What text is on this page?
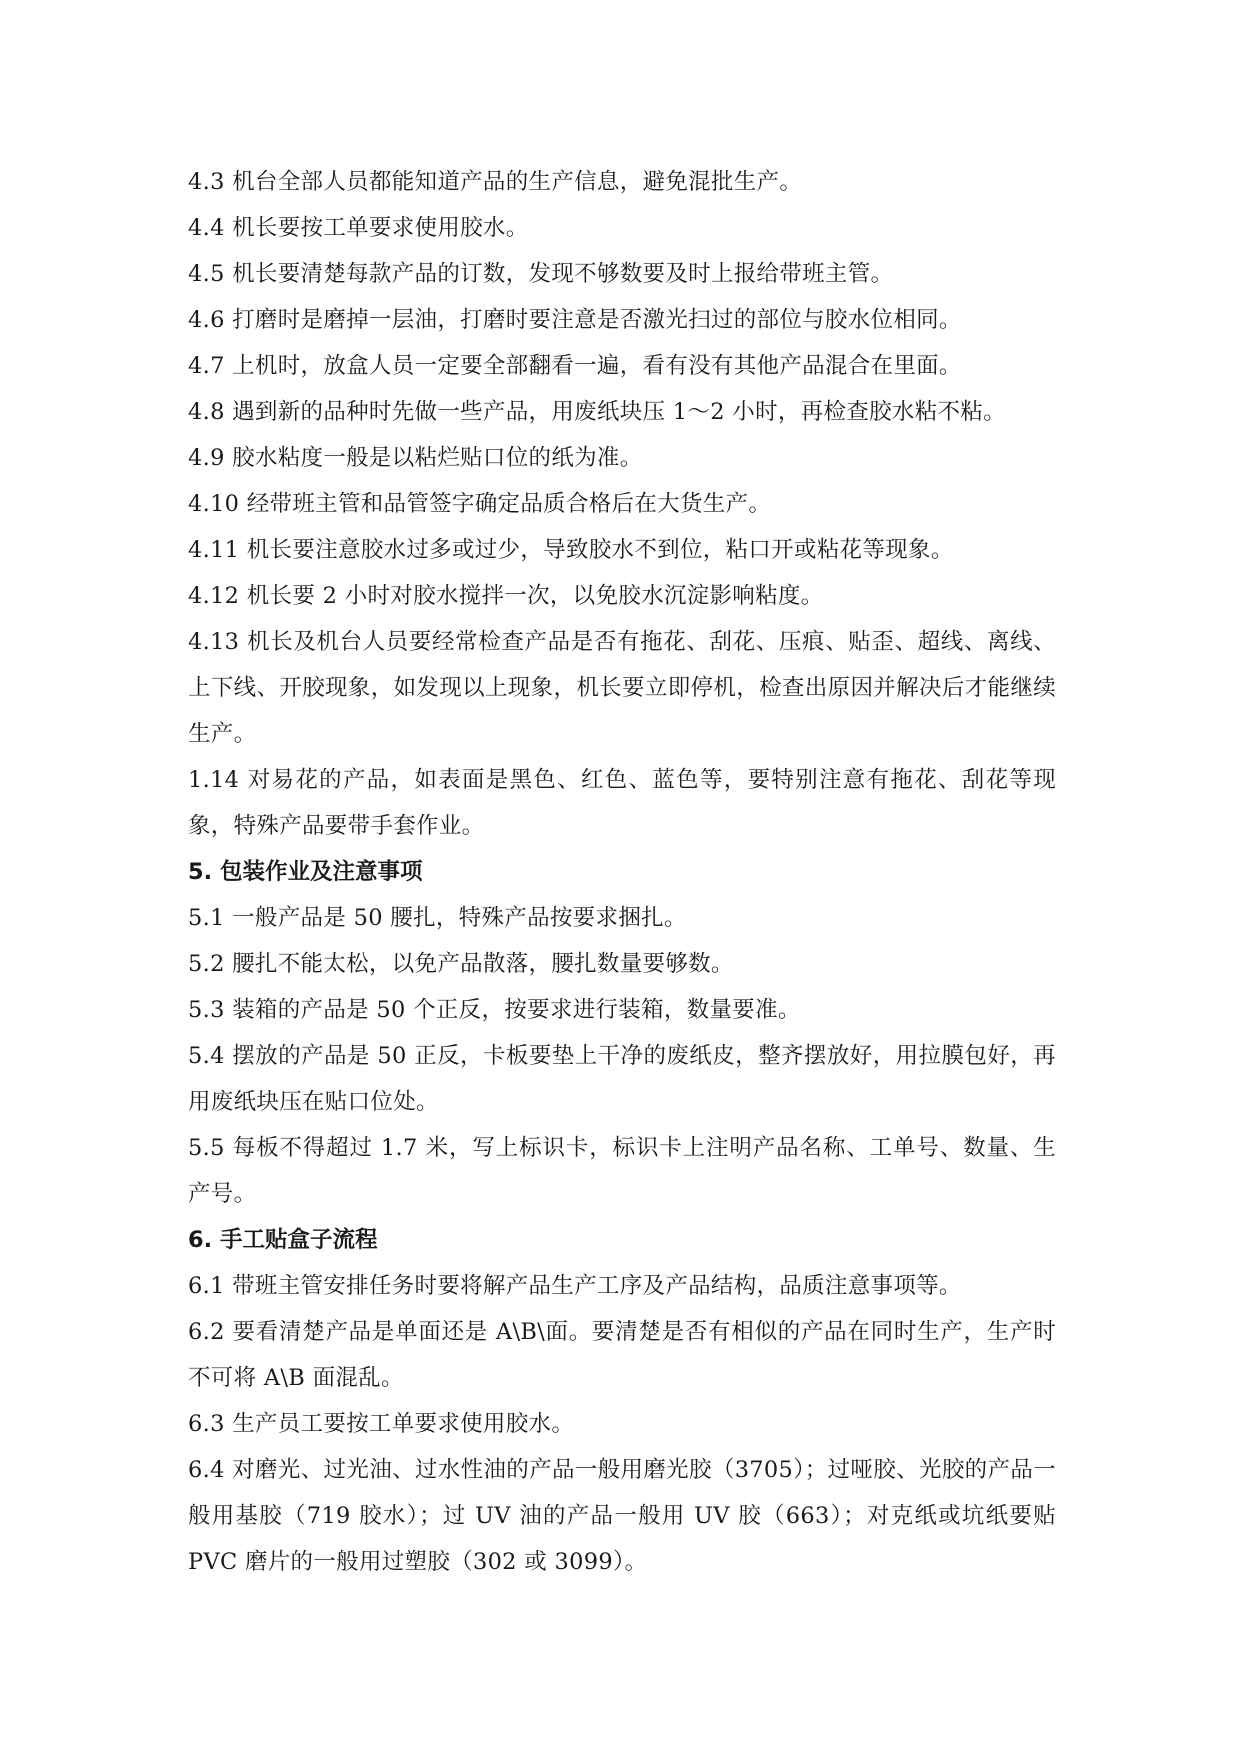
4.3 机台全部人员都能知道产品的生产信息，避免混批生产。

4.4 机长要按工单要求使用胶水。

4.5 机长要清楚每款产品的订数，发现不够数要及时上报给带班主管。

4.6 打磨时是磨掉一层油，打磨时要注意是否激光扫过的部位与胶水位相同。

4.7 上机时，放盒人员一定要全部翻看一遍，看有没有其他产品混合在里面。

4.8 遇到新的品种时先做一些产品，用废纸块压 1～2 小时，再检查胶水粘不粘。

4.9 胶水粘度一般是以粘烂贴口位的纸为准。

4.10 经带班主管和品管签字确定品质合格后在大货生产。

4.11 机长要注意胶水过多或过少，导致胶水不到位，粘口开或粘花等现象。

4.12 机长要 2 小时对胶水搅拌一次，以免胶水沉淀影响粘度。

4.13 机长及机台人员要经常检查产品是否有拖花、刮花、压痕、贴歪、超线、离线、上下线、开胶现象，如发现以上现象，机长要立即停机，检查出原因并解决后才能继续生产。

1.14 对易花的产品，如表面是黑色、红色、蓝色等，要特别注意有拖花、刮花等现象，特殊产品要带手套作业。

5. 包装作业及注意事项

5.1 一般产品是 50 腰扎，特殊产品按要求捆扎。

5.2 腰扎不能太松，以免产品散落，腰扎数量要够数。

5.3 装箱的产品是 50 个正反，按要求进行装箱，数量要准。

5.4 摆放的产品是 50 正反，卡板要垫上干净的废纸皮，整齐摆放好，用拉膜包好，再用废纸块压在贴口位处。

5.5 每板不得超过 1.7 米，写上标识卡，标识卡上注明产品名称、工单号、数量、生产号。

6. 手工贴盒子流程

6.1 带班主管安排任务时要将解产品生产工序及产品结构，品质注意事项等。

6.2 要看清楚产品是单面还是 A\B\面。要清楚是否有相似的产品在同时生产，生产时不可将 A\B 面混乱。

6.3 生产员工要按工单要求使用胶水。

6.4 对磨光、过光油、过水性油的产品一般用磨光胶（3705）；过哑胶、光胶的产品一般用基胶（719 胶水）；过 UV 油的产品一般用 UV 胶（663）；对克纸或坑纸要贴 PVC 磨片的一般用过塑胶（302 或 3099）。
